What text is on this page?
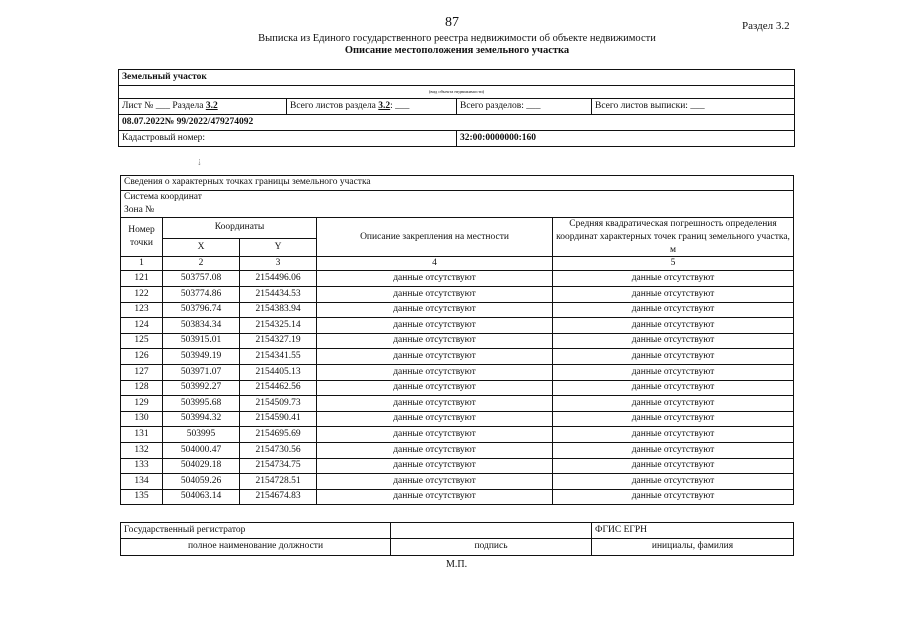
87	Раздел 3.2
Выписка из Единого государственного реестра недвижимости об объекте недвижимости
Описание местоположения земельного участка
Земельный участок			
(вид объекта недвижимости)			
Лист № ___ Раздела 3.2	Всего листов раздела 3.2: ___	Всего разделов: ___	Всего листов выписки: ___
08.07.2022№ 99/2022/479274092			
Кадастровый номер:		32:00:0000000:160	
⇣
Сведения о характерных точках границы земельного участка				
Система координат
Зона №				
Номер точки	Координаты		Описание закрепления на местности	Средняя квадратическая погрешность определения координат характерных точек границ земельного участка, м
	X	Y		
1	2	3	4	5
121	503757.08	2154496.06	данные отсутствуют	данные отсутствуют
122	503774.86	2154434.53	данные отсутствуют	данные отсутствуют
123	503796.74	2154383.94	данные отсутствуют	данные отсутствуют
124	503834.34	2154325.14	данные отсутствуют	данные отсутствуют
125	503915.01	2154327.19	данные отсутствуют	данные отсутствуют
126	503949.19	2154341.55	данные отсутствуют	данные отсутствуют
127	503971.07	2154405.13	данные отсутствуют	данные отсутствуют
128	503992.27	2154462.56	данные отсутствуют	данные отсутствуют
129	503995.68	2154509.73	данные отсутствуют	данные отсутствуют
130	503994.32	2154590.41	данные отсутствуют	данные отсутствуют
131	503995	2154695.69	данные отсутствуют	данные отсутствуют
132	504000.47	2154730.56	данные отсутствуют	данные отсутствуют
133	504029.18	2154734.75	данные отсутствуют	данные отсутствуют
134	504059.26	2154728.51	данные отсутствуют	данные отсутствуют
135	504063.14	2154674.83	данные отсутствуют	данные отсутствуют
Государственный регистратор		ФГИС ЕГРН
полное наименование должности	подпись	инициалы, фамилия
М.П.
